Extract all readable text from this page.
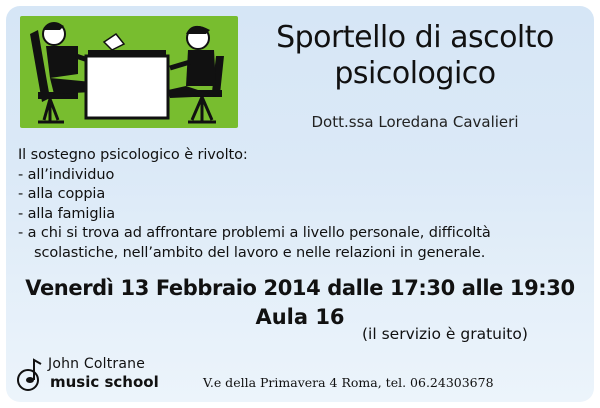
Sportello di ascolto
psicologico
Dott.ssa Loredana Cavalieri
Il sostegno psicologico è rivolto:
- all’individuo
- alla coppia
- alla famiglia
- a chi si trova ad affrontare problemi a livello personale, difficoltà
scolastiche, nell’ambito del lavoro e nelle relazioni in generale.
Venerdì 13 Febbraio 2014 dalle 17:30 alle 19:30
Aula 16
(il servizio è gratuito)
John Coltrane
music school	V.e della Primavera 4 Roma, tel. 06.24303678
